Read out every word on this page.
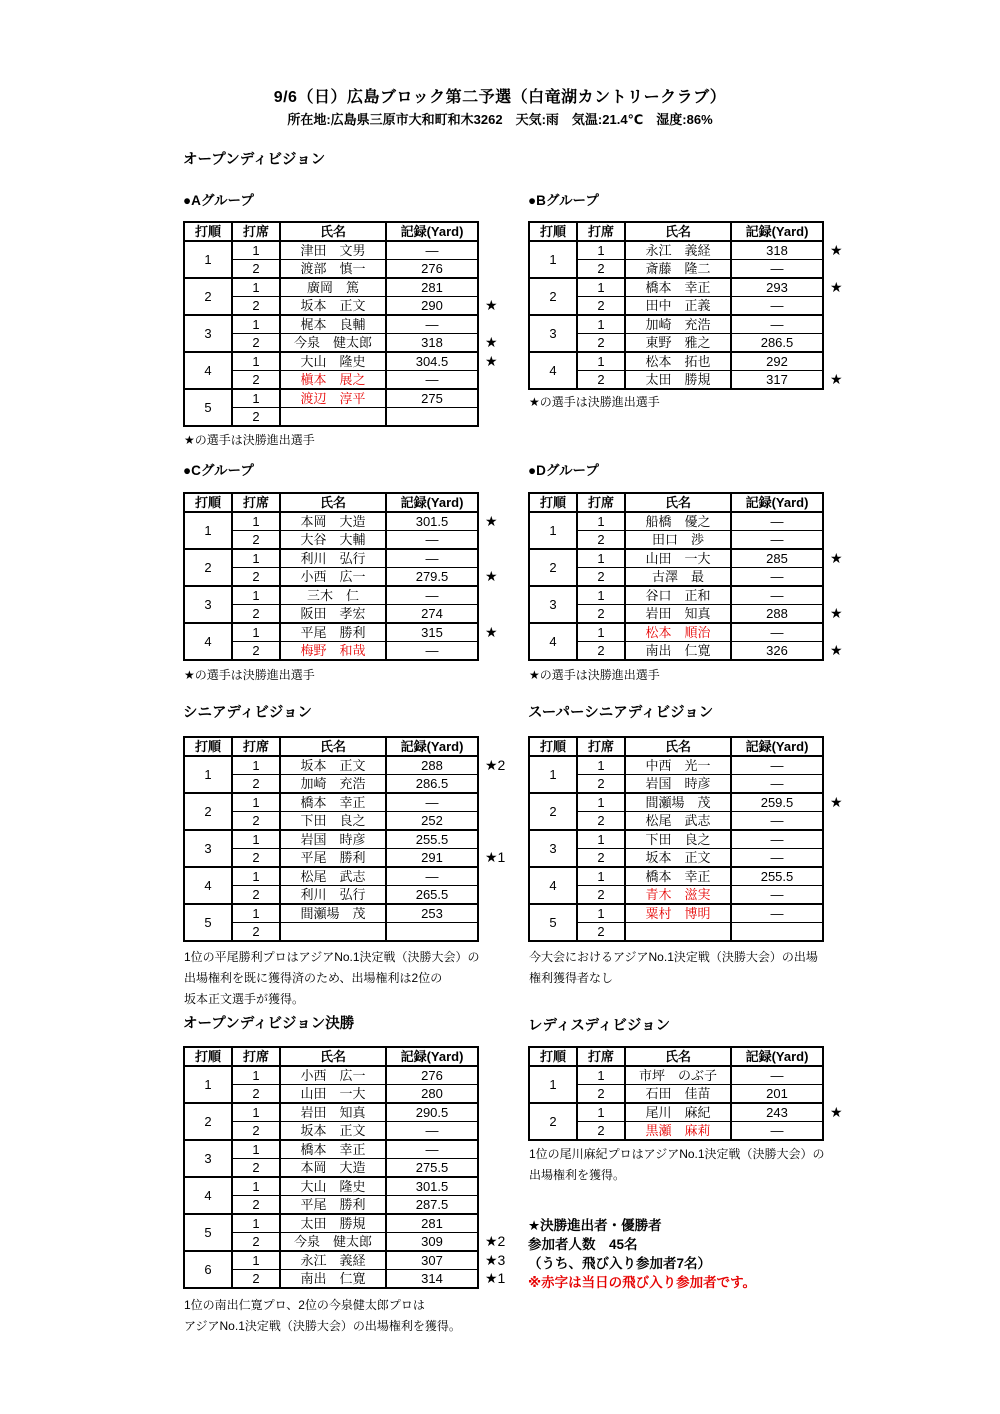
9/6（日）広島ブロック第二予選（白竜湖カントリークラブ）
所在地:広島県三原市大和町和木3262　天気:雨　気温:21.4℃　湿度:86%
オープンディビジョン
●Aグループ	●Bグループ
打順	打席	氏名	記録(Yard)	
1	1	津田　文男	―	
	2	渡部　慎一	276	
2	1	廣岡　篤	281	
	2	坂本　正文	290	★
3	1	梶本　良輔	―	
	2	今泉　健太郎	318	★
4	1	大山　隆史	304.5	★
	2	槇本　展之	―	
5	1	渡辺　淳平	275	
	2			
打順	打席	氏名	記録(Yard)	
1	1	永江　義経	318	★
	2	斎藤　隆二	―	
2	1	橋本　幸正	293	★
	2	田中　正義	―	
3	1	加崎　充浩	―	
	2	東野　雅之	286.5	
4	1	松本　拓也	292	
	2	太田　勝規	317	★
★の選手は決勝進出選手
★の選手は決勝進出選手
●Cグループ	●Dグループ
打順	打席	氏名	記録(Yard)	
1	1	本岡　大造	301.5	★
	2	大谷　大輔	―	
2	1	利川　弘行	―	
	2	小西　広一	279.5	★
3	1	三木　仁	―	
	2	阪田　孝宏	274	
4	1	平尾　勝利	315	★
	2	梅野　和哉	―	
打順	打席	氏名	記録(Yard)	
1	1	船橋　優之	―	
	2	田口　渉	―	
2	1	山田　一大	285	★
	2	古澤　最	―	
3	1	谷口　正和	―	
	2	岩田　知真	288	★
4	1	松本　順治	―	
	2	南出　仁寛	326	★
★の選手は決勝進出選手	★の選手は決勝進出選手
シニアディビジョン	スーパーシニアディビジョン
打順	打席	氏名	記録(Yard)	
1	1	坂本　正文	288	★2
	2	加崎　充浩	286.5	
2	1	橋本　幸正	―	
	2	下田　良之	252	
3	1	岩国　時彦	255.5	
	2	平尾　勝利	291	★1
4	1	松尾　武志	―	
	2	利川　弘行	265.5	
5	1	間瀬場　茂	253	
	2			
打順	打席	氏名	記録(Yard)	
1	1	中西　光一	―	
	2	岩国　時彦	―	
2	1	間瀬場　茂	259.5	★
	2	松尾　武志	―	
3	1	下田　良之	―	
	2	坂本　正文	―	
4	1	橋本　幸正	255.5	
	2	青木　滋実	―	
5	1	粟村　博明	―	
	2			
1位の平尾勝利プロはアジアNo.1決定戦（決勝大会）の
出場権利を既に獲得済のため、出場権利は2位の
坂本正文選手が獲得。
今大会におけるアジアNo.1決定戦（決勝大会）の出場
権利獲得者なし
オープンディビジョン決勝	レディスディビジョン
打順	打席	氏名	記録(Yard)	
1	1	小西　広一	276	
	2	山田　一大	280	
2	1	岩田　知真	290.5	
	2	坂本　正文	―	
3	1	橋本　幸正	―	
	2	本岡　大造	275.5	
4	1	大山　隆史	301.5	
	2	平尾　勝利	287.5	
5	1	太田　勝規	281	
	2	今泉　健太郎	309	★2
6	1	永江　義経	307	★3
	2	南出　仁寛	314	★1
打順	打席	氏名	記録(Yard)	
1	1	市坪　のぶ子	―	
	2	石田　佳苗	201	
2	1	尾川　麻紀	243	★
	2	黒瀬　麻莉	―	
1位の南出仁寛プロ、2位の今泉健太郎プロは
アジアNo.1決定戦（決勝大会）の出場権利を獲得。
1位の尾川麻紀プロはアジアNo.1決定戦（決勝大会）の
出場権利を獲得。
★決勝進出者・優勝者
参加者人数　45名
（うち、飛び入り参加者7名）
※赤字は当日の飛び入り参加者です。
